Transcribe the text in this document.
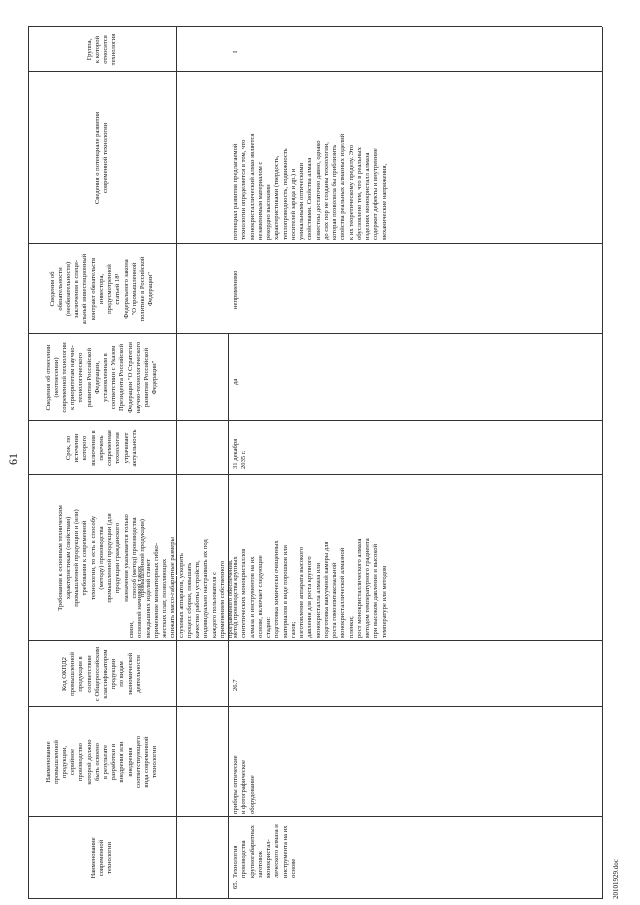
61
Наименование
современной
технологии
Наименование
промышленной
продукции,
серийное
производство
которой должно
быть освоено
в результате
разработки и
внедрения или
внедрения
соответствующего
вида современной
технологии
Код ОКПД2
промышленной
продукции в
соответствии
с Общероссийским
классификатором
продукции
по видам
экономической
деятельности
Требования к основным техническим
характеристикам (свойствам)
промышленной продукции и (или)
требования к современной
технологии, то есть к способу
(методу) производства
промышленной продукции (для
продукции гражданского
назначения указывается только
способ (метод) производства
промышленной продукции)
Срок, по
истечении
которого
включения в
перечень
современная
технология
утрачивает
актуальность
Сведения об отнесении
(неотнесении)
современной технологии
к приоритетам научно-
технологического
развития Российской
Федерации,
установленным в
соответствии с Указом
Президента Российской
Федерации "О Стратегии
научно-технологического
развития Российской
Федерации"
Сведения об
обязательности
(необязательности)
заключения в специ-
альный инвестиционный
контракт обязательств
инвестора,
предусмотренной
статьей 18¹
Федерального закона
"О промышленной
политике в Российской
Федерации"
Сведения о потенциале развития
современной технологии
Группа,
к которой
относится
технология
связи,
основной начинкой таких
междышних изделий станет
применение миниатюрных гибко-
жестких плат, позволяющих
снижать массо-габаритные размеры
слуховых аппаратов, ускорить
процесс сборки, повышать
качество работы устройств,
индивидуально настраивать их под
каждого пользователя с
применением собственного
программного обеспечения.
65.
Технология
производства
крупногабаритных
заготовок
монокристал-
лического алмаза и
инструмента на их
основе
приборы оптические
и фотографическое
оборудование
26.7
метод производства крупных
синтетических монокристаллов
алмаза и инструментов на их
основе, включает следующие
стадии:
подготовка химически очищенных
материалов в виде порошков или
газов;
изготовление аппарата высокого
давления для роста крупного
монокристалла алмаза или
подготовка вакуумной камеры для
роста гомоэпитаксиальной
монокристаллической алмазной
пленки;
рост монокристаллического алмаза
методом температурного градиента
при высоком давлении и высокой
температуре или методом
31 декабря
2035 г.
да
неприменимо
потенциал развития предлагаемой
технологии определяется в том, что
монокристаллический алмаз является
незаменимым материалом с
рекордно высокими
характеристиками (твердость,
теплопроводность, подвижность
носителей заряда и др.) и
уникальными оптическими
свойствами. Свойства алмаза
известны достаточно давно, однако
до сих пор не созданы технологии,
которая позволила бы приблизить
свойства реальных алмазных изделий
к их теоретическому пределу. Это
обусловлено тем, что в реальных
изделиях монокристалл алмаза
содержит дефекты и внутренние
механические напряжения,
I
20101929.doc
